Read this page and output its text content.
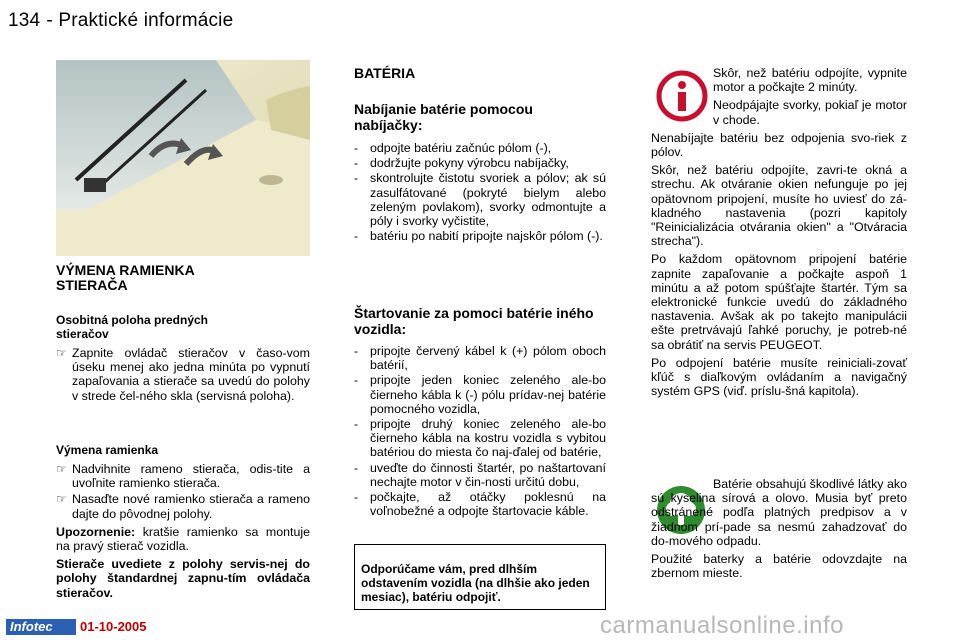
134 - Praktické informácie
VÝMENA RAMIENKA
STIERAČA
Osobitná poloha predných
stieračov
☞ Zapnite ovládač stieračov v časo-vom úseku menej ako jedna minúta po vypnutí zapaľovania a stierače sa uvedú do polohy v strede čel-ného skla (servisná poloha).
Výmena ramienka
☞ Nadvihnite rameno stierača, odis-tite a uvoľnite ramienko stierača.
☞ Nasaďte nové ramienko stierača a rameno dajte do pôvodnej polohy.

Upozornenie: kratšie ramienko sa montuje na pravý stierač vozidla.

Stierače uvediete z polohy servis-nej do polohy štandardnej zapnu-tím ovládača stieračov.

BATÉRIA
Nabíjanie batérie pomocou nabíjačky:
- odpojte batériu začnúc pólom (-),
- dodržujte pokyny výrobcu nabíjačky,
- skontrolujte čistotu svoriek a pólov; ak sú zasulfátované (pokryté bielym alebo zeleným povlakom), svorky odmontujte a póly i svorky vyčistite,
- batériu po nabití pripojte najskôr pólom (-).
Štartovanie za pomoci batérie iného vozidla:
- pripojte červený kábel k (+) pólom oboch batérií,
- pripojte jeden koniec zeleného ale-bo čierneho kábla k (-) pólu prídav-nej batérie pomocného vozidla,
- pripojte druhý koniec zeleného ale-bo čierneho kábla na kostru vozidla s vybitou batériou do miesta čo naj-ďalej od batérie,
- uveďte do činnosti štartér, po naštartovaní nechajte motor v čin-nosti určitú dobu,
- počkajte, až otáčky poklesnú na voľnobežné a odpojte štartovacie káble.
Odporúčame vám, pred dlhším odstavením vozidla (na dlhšie ako jeden mesiac), batériu odpojiť.

Skôr, než batériu odpojíte, vypnite motor a počkajte 2 minúty.

Neodpájajte svorky, pokiaľ je motor v chode.

Nenabíjajte batériu bez odpojenia svo-riek z pólov.

Skôr, než batériu odpojíte, zavri-te okná a strechu. Ak otváranie okien nefunguje po jej opätovnom pripojení, musíte ho uviesť do zá-kladného nastavenia (pozri kapitoly "Reinicializácia otvárania okien" a "Otváracia strecha").

Po každom opätovnom pripojení batérie zapnite zapaľovanie a počkajte aspoň 1 minútu a až potom spúšťajte štartér. Tým sa elektronické funkcie uvedú do základného nastavenia. Avšak ak po takejto manipulácii ešte pretrvávajú ľahké poruchy, je potreb-né sa obrátiť na servis PEUGEOT.

Po odpojení batérie musíte reiniciali-zovať kľúč s diaľkovým ovládaním a navigačný systém GPS (viď. príslu-šná kapitola).

Batérie obsahujú škodlivé látky ako sú kyselina sírová a olovo. Musia byť preto odstránené podľa platných predpisov a v žiadnom prí-pade sa nesmú zahadzovať do do-mového odpadu.

Použité baterky a batérie odovzdajte na zbernom mieste.

Infotec	01-10-2005	carmanualsonline.info
